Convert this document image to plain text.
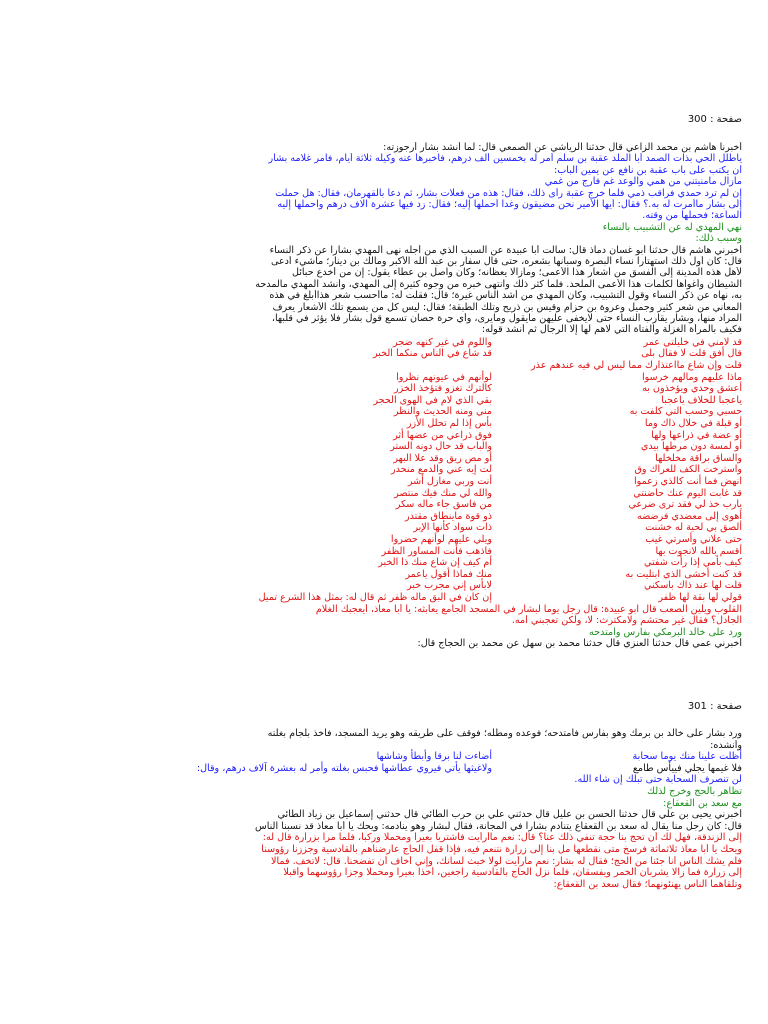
صفحة : 300
أخبرنا هاشم بن محمد الزاعي قال حدثنا الرياشي عن الصمعي قال: لما أنشد بشار أرجوزته:
ياطلل الحي بذات الصمد أبا الملد عقبة بن سلم أمر له بخمسين ألف درهم، فأخبرها عنه وكيله ثلاثة أيام، فأمر غلامه بشار
أن يكتب على باب عقبة بن نافع عن يمين الباب:
مازال مامنيتني من همي والوعد غم فارج من غمي
إن لم ترد حمدي فراقب ذمي فلما خرج عقبة رأى ذلك، فقال: هذه من فعلات بشار، ثم دعا بالقهرمان، فقال: هل حملت
إلى بشار ماأمرت له به.؟ فقال: أيها الأمير نحن مضيقون وغدا أحملها إليه؛ فقال: زد فيها عشرة آلاف درهم واحملها إليه
الساعة؛ فحملها من وقته.
نهي المهدي له عن التشبيب بالنساء
وسبب ذلك:
أخبرني هاشم قال حدثنا أبو غسان دماذ قال: سألت أبا عبيدة عن السبب الذي من أجله نهى المهدي بشارا عن ذكر النساء
قال: كان أول ذلك استهتارا نساء البصرة وسبانها بشعره، حتى قال سفار بن عبد الله الأكبر ومالك بن دينار؛ ماشيء أدعى
لأهل هذه المدينة إلى الفسق من أشعار هذا الأعمى؛ ومازالا يعظانه؛ وكان واصل بن عطاء يقول: إن من أخدع حبائل
الشيطان وأغواها لكلمات هذا الأعمى الملحد. فلما كثر ذلك وانتهى خبره من وجوه كثيرة إلى المهدي، وأنشد المهدي مالمدحه
به، نهاه عن ذكر النساء وقول التشبيب، وكان المهدي من أشد الناس غيرة؛ قال: فقلت له: ماأحسب شعر هذاأبلغ في هذه
المعاني من شعر كثير وجميل وعروة بن حزام وقيس بن ذريح وتلك الطبقة؛ فقال: ليس كل من يسمع تلك الأشعار يعرف
المراد منها، وبشار يقارب النساء حتى لايخفى عليهن مايقول ومايرى، وأي حرة حصان تسمع قول بشار فلا يؤثر في قلبها،
فكيف بالمرأة الغزلة والفتاة التي لاهم لها إلا الرجال ثم أنشد قوله:
قد لامني في خليلتي عمر
واللوم في غير كنهه ضجر
قال أفق قلت لا فقال بلى
قد شاع في الناس منكما الخبر
قلت وإن شاع مااعتذارك مما ليس لي فيه عندهم عذر
ماذا عليهم ومالهم خرسوا
لوأنهم في عيونهم نظروا
أعشق وحدي ويؤخذون به
كالترك تغزو فتؤخذ الخزر
ياعجبا للخلاف ياعجبا
بقي الذي لام في الهوى الحجر
حسبي وحسب التي كلفت به
مني ومنه الحديث والنظر
أو قبلة في خلال ذاك وما
بأس إذا لم تحلل الأزر
أو عضة في ذراعها ولها
فوق ذراعي من عضها أثر
أو لمسة دون مرطها بيدي
والباب قد حال دونه الستر
والساق براقة مخلخلها
أو مص ريق وقد علا البهر
واسترخت الكف للعراك وق
لت إيه عني والدمع منحدر
انهض فما أنت كالذي زعموا
أنت وربي مغازل أشر
قد غابت اليوم عنك حاضنتي
والله لي منك فيك منتصر
يارب خذ لي فقد ترى ضرعي
من فاسق جاء ماله سكر
أهوى إلى معضدي فرضضه
ذو قوة ماينطاق مقتدر
ألصق بي لحية له خشنت
ذات سواد كأنها الإبر
حتى علاني وأسرتي غيب
ويلي عليهم لوأنهم حضروا
أقسم بالله لانجوت بها
فاذهب فأنت المساور الظفر
كيف بأمي إذا رأت شفتي
أم كيف إن شاع منك ذا الخبر
قد كنت أخشى الذي ابتليت به
منك فماذا أقول ياعمر
قلت لها عند ذاك باسكني
لابأس إني مجرب خبر
قولي لها بقة لها ظفر
إن كان في البق ماله ظفر ثم قال له: بمثل هذا الشرع تميل
القلوب ويلين الصعب قال ابو عبيدة: قال رجل يوما لبشار في المسجد الجامع يعابثه: يا أبا معاذ، أيعجبك الغلام
الجادل؟ فقال غير محتشم ولامكترث: لا، ولكن تعجبني أمه.
ورد على خالد البرمكي بفارس وامتدحه
أخبرني عمي قال حدثنا العنزي قال حدثنا محمد بن سهل عن محمد بن الحجاج قال:
صفحة : 301
ورد بشار على خالد بن برمك وهو بفارس فامتدحه؛ فوعده ومطله؛ فوقف على طريقه وهو يريد المسجد، فأخذ بلجام بغلته
وأنشده:
أظلت علينا منك يوما سحابة
أضاءت لنا برقا وأبطأ وشاشها
فلا غيمها يجلي فييأس طامع
ولاغيثها يأتي فيروي عطاشها فحبس بغلته وأمر له بعشرة آلاف درهم، وقال:
لن تنصرف السحابة حتى تبلك إن شاء الله.
تظاهر بالحج وخرج لذلك
مع سعد بن القعقاع:
أخبرني يحيى بن علي قال حدثنا الحسن بن عليل قال حدثني علي بن حرب الطائي قال حدثني إسماعيل بن زياد الطائي
قال: كان رجل منا يقال له سعد بن القعقاع يتنادم بشارا في المجانة، فقال لبشار وهو ينادمه: ويحك يا أبا معاذ قد نسبنا الناس
إلى الزندقة، فهل لك أن تحج بنا حجة تنفي ذلك عنا؟ قال: نعم ماأرأيت فاشتريا بعيرا ومحملا وركبا، فلما مرا بزرارة قال له:
ويحك يا أبا معاذ ثلاثماثة فرسخ متى نقطعها مل بنا إلى زرارة نتنعم فيه، فإذا قفل الحاج عارضناهم بالقادسية وجززنا رؤوسنا
فلم يشك الناس أنا جئنا من الحج؛ فقال له بشار: نعم مارأيت لولا خبث لسانك، وإني أخاف أن تفضحنا. قال: لاتخف. فمالا
إلى زرارة فما زالا يشربان الخمر ويفسقان، فلما نزل الحاج بالقادسية راجعين، أخذا بعيرا ومحملا وجزا رؤوسهما وأقبلا
وتلقاهما الناس يهنئونهما؛ فقال سعد بن القعقاع:
